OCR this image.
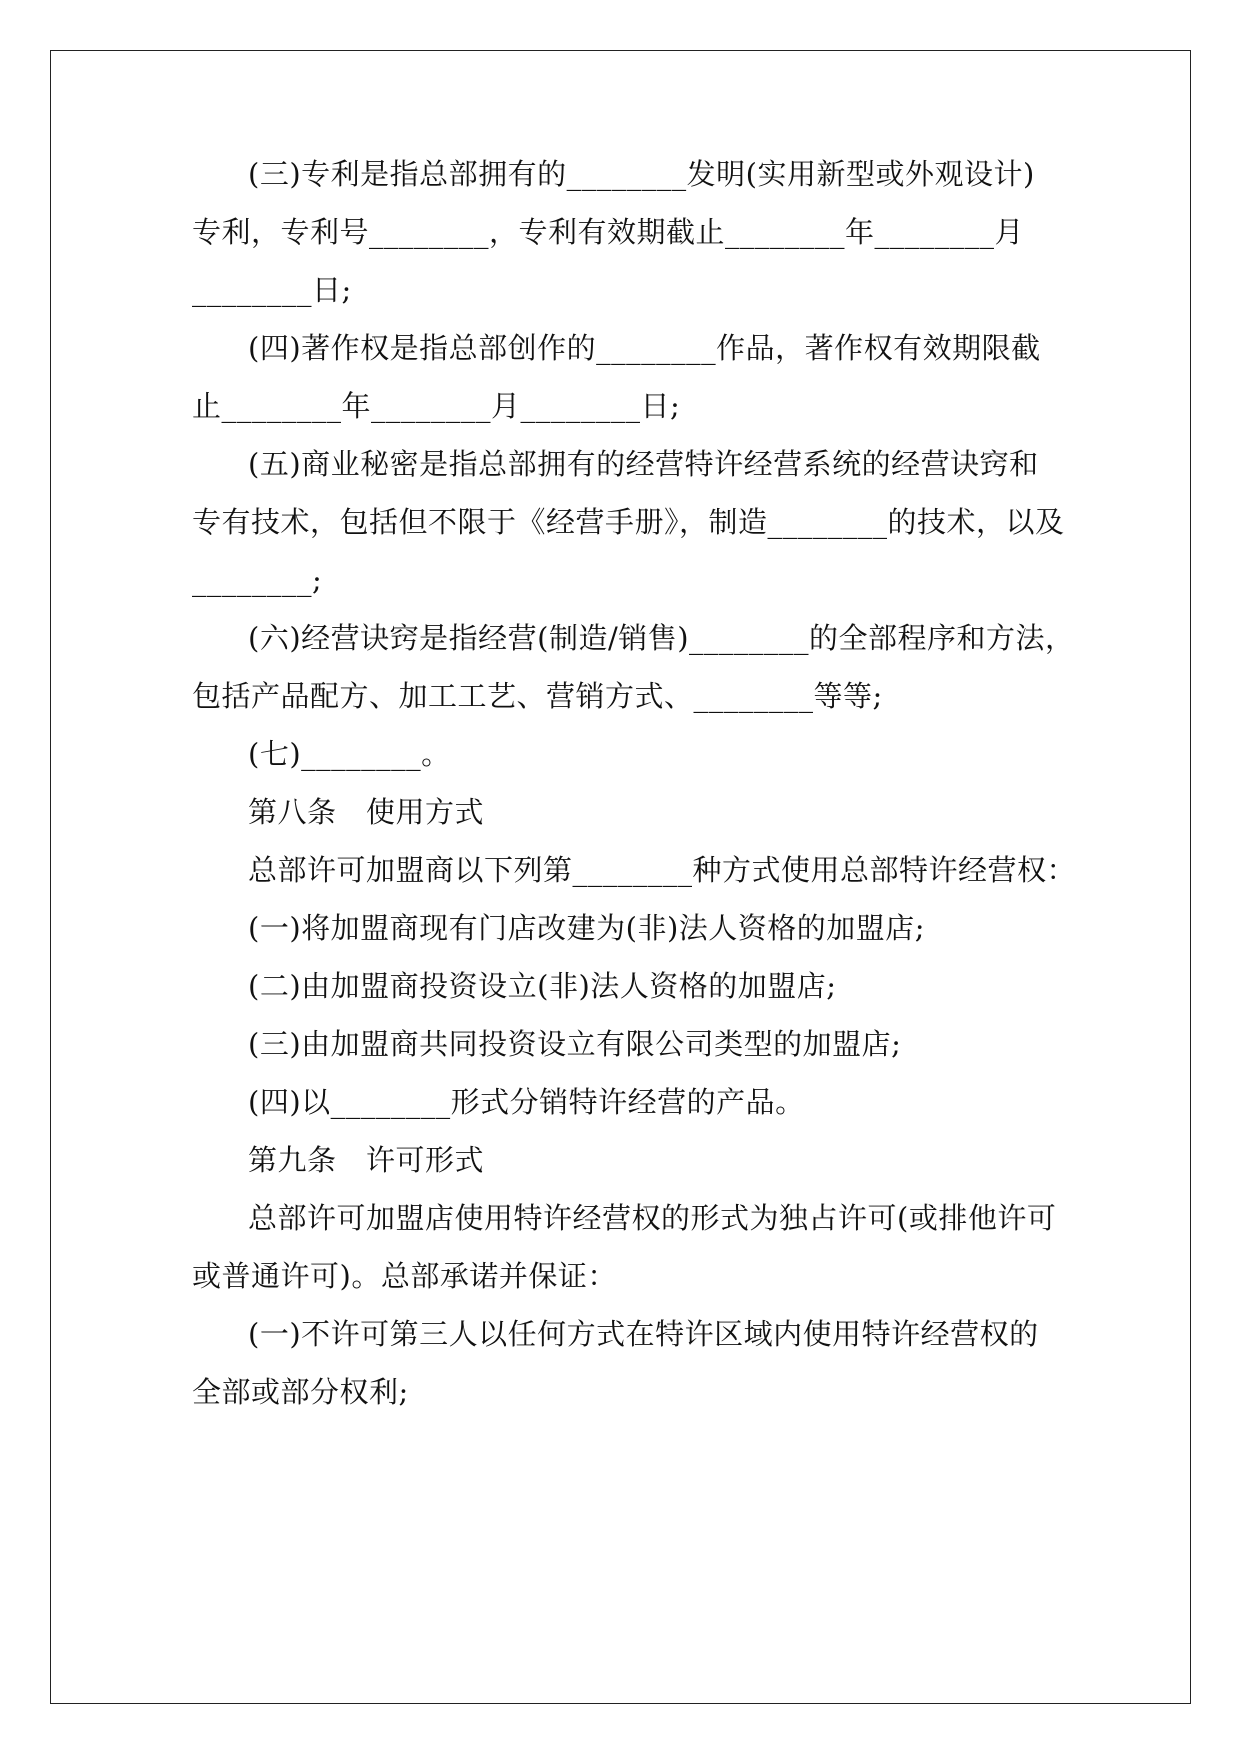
(三)专利是指总部拥有的________发明(实用新型或外观设计)
专利，专利号________，专利有效期截止________年________月
________日;
(四)著作权是指总部创作的________作品，著作权有效期限截
止________年________月________日;
(五)商业秘密是指总部拥有的经营特许经营系统的经营诀窍和
专有技术，包括但不限于《经营手册》，制造________的技术，以及
________;
(六)经营诀窍是指经营(制造/销售)________的全部程序和方法，
包括产品配方、加工工艺、营销方式、________等等;
(七)________。
第八条　使用方式
总部许可加盟商以下列第________种方式使用总部特许经营权：
(一)将加盟商现有门店改建为(非)法人资格的加盟店;
(二)由加盟商投资设立(非)法人资格的加盟店;
(三)由加盟商共同投资设立有限公司类型的加盟店;
(四)以________形式分销特许经营的产品。
第九条　许可形式
总部许可加盟店使用特许经营权的形式为独占许可(或排他许可
或普通许可)。总部承诺并保证：
(一)不许可第三人以任何方式在特许区域内使用特许经营权的
全部或部分权利;
